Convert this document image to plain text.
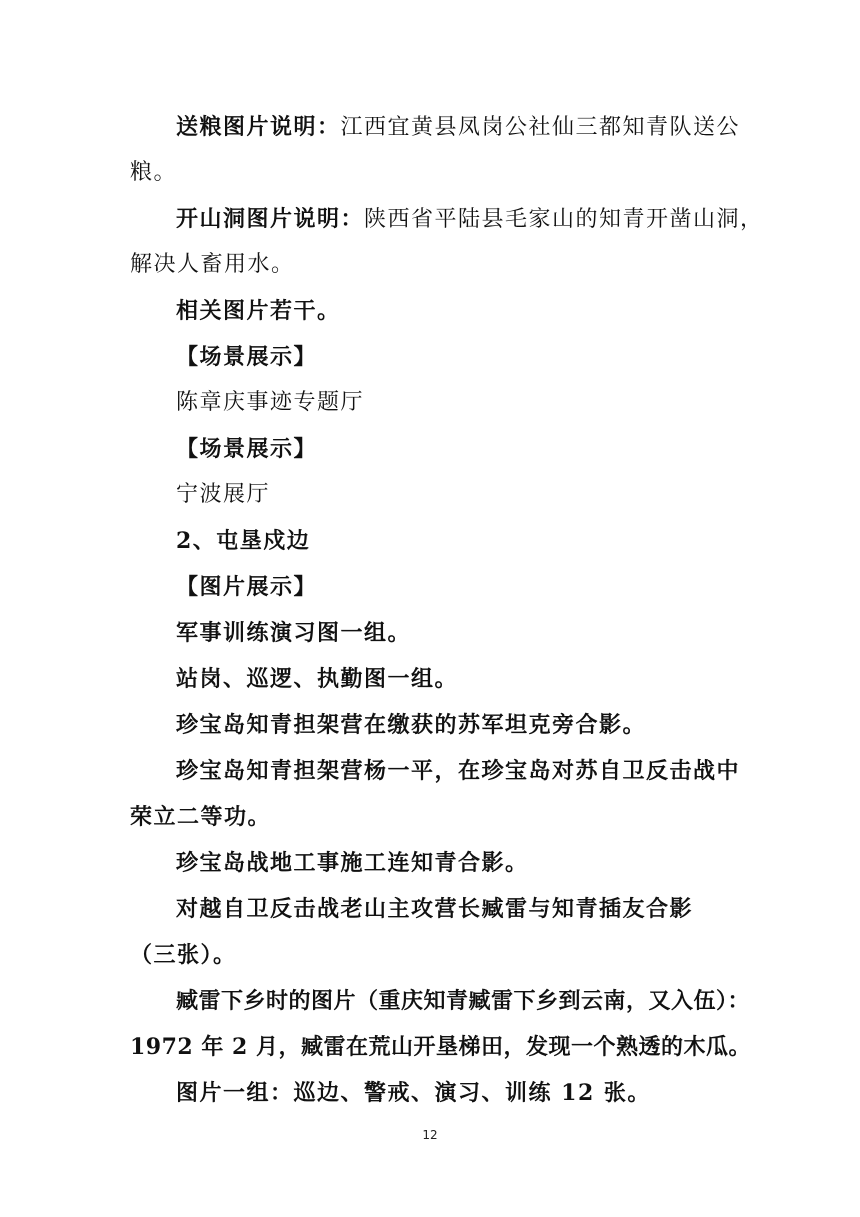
送粮图片说明：江西宜黄县凤岗公社仙三都知青队送公
粮。
开山洞图片说明：陕西省平陆县毛家山的知青开凿山洞，
解决人畜用水。
相关图片若干。
【场景展示】
陈章庆事迹专题厅
【场景展示】
宁波展厅
2、屯垦戍边
【图片展示】
军事训练演习图一组。
站岗、巡逻、执勤图一组。
珍宝岛知青担架营在缴获的苏军坦克旁合影。
珍宝岛知青担架营杨一平，在珍宝岛对苏自卫反击战中
荣立二等功。
珍宝岛战地工事施工连知青合影。
对越自卫反击战老山主攻营长臧雷与知青插友合影
（三张）。
臧雷下乡时的图片（重庆知青臧雷下乡到云南，又入伍）：
1972 年 2 月，臧雷在荒山开垦梯田，发现一个熟透的木瓜。
图片一组：巡边、警戒、演习、训练 12 张。
12
